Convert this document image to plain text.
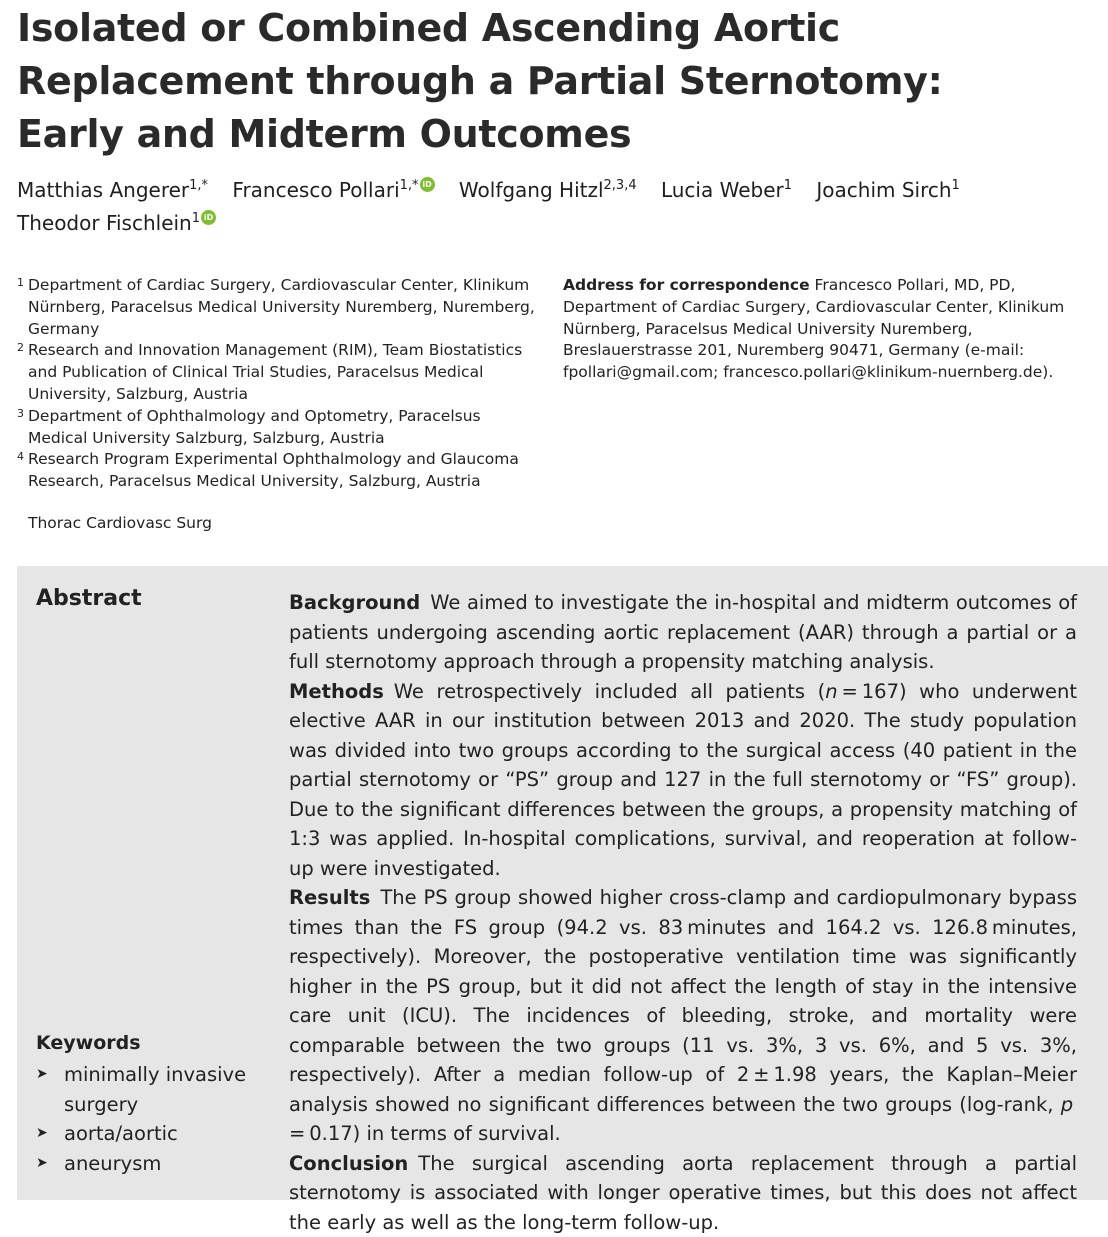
Isolated or Combined Ascending Aortic
Replacement through a Partial Sternotomy:
Early and Midterm Outcomes
Matthias Angerer$^{1,*}$ Francesco Pollari$^{1,*}$ iD Wolfgang Hitzl$^{2,3,4}$ Lucia Weber$^1$ Joachim Sirch$^1$
Theodor Fischlein$^1$ iD
1 Department of Cardiac Surgery, Cardiovascular Center, Klinikum Nürnberg, Paracelsus Medical University Nuremberg, Nuremberg, Germany
2 Research and Innovation Management (RIM), Team Biostatistics and Publication of Clinical Trial Studies, Paracelsus Medical University, Salzburg, Austria
3 Department of Ophthalmology and Optometry, Paracelsus Medical University Salzburg, Salzburg, Austria
4 Research Program Experimental Ophthalmology and Glaucoma Research, Paracelsus Medical University, Salzburg, Austria
Thorac Cardiovasc Surg
Address for correspondence Francesco Pollari, MD, PD, Department of Cardiac Surgery, Cardiovascular Center, Klinikum Nürnberg, Paracelsus Medical University Nuremberg, Breslauerstrasse 201, Nuremberg 90471, Germany (e-mail: fpollari@gmail.com; francesco.pollari@klinikum-nuernberg.de).
Abstract	Background We aimed to investigate the in-hospital and midterm outcomes of patients undergoing ascending aortic replacement (AAR) through a partial or a full sternotomy approach through a propensity matching analysis.

Methods We retrospectively included all patients (n = 167) who underwent elective AAR in our institution between 2013 and 2020. The study population was divided into two groups according to the surgical access (40 patient in the partial sternotomy or “PS” group and 127 in the full sternotomy or “FS” group). Due to the significant differences between the groups, a propensity matching of 1:3 was applied. In-hospital complications, survival, and reoperation at follow-up were investigated.

Results The PS group showed higher cross-clamp and cardiopulmonary bypass times than the FS group (94.2 vs. 83 minutes and 164.2 vs. 126.8 minutes, respectively). Moreover, the postoperative ventilation time was significantly higher in the PS group, but it did not affect the length of stay in the intensive care unit (ICU). The incidences of bleeding, stroke, and mortality were comparable between the two groups (11 vs. 3%, 3 vs. 6%, and 5 vs. 3%, respectively). After a median follow-up of 2 ± 1.98 years, the Kaplan–Meier analysis showed no significant differences between the two groups (log-rank, p = 0.17) in terms of survival.

Conclusion The surgical ascending aorta replacement through a partial sternotomy is associated with longer operative times, but this does not affect the early as well as the long-term follow-up.

Keywords
➤ minimally invasive surgery
➤ aorta/aortic
➤ aneurysm
